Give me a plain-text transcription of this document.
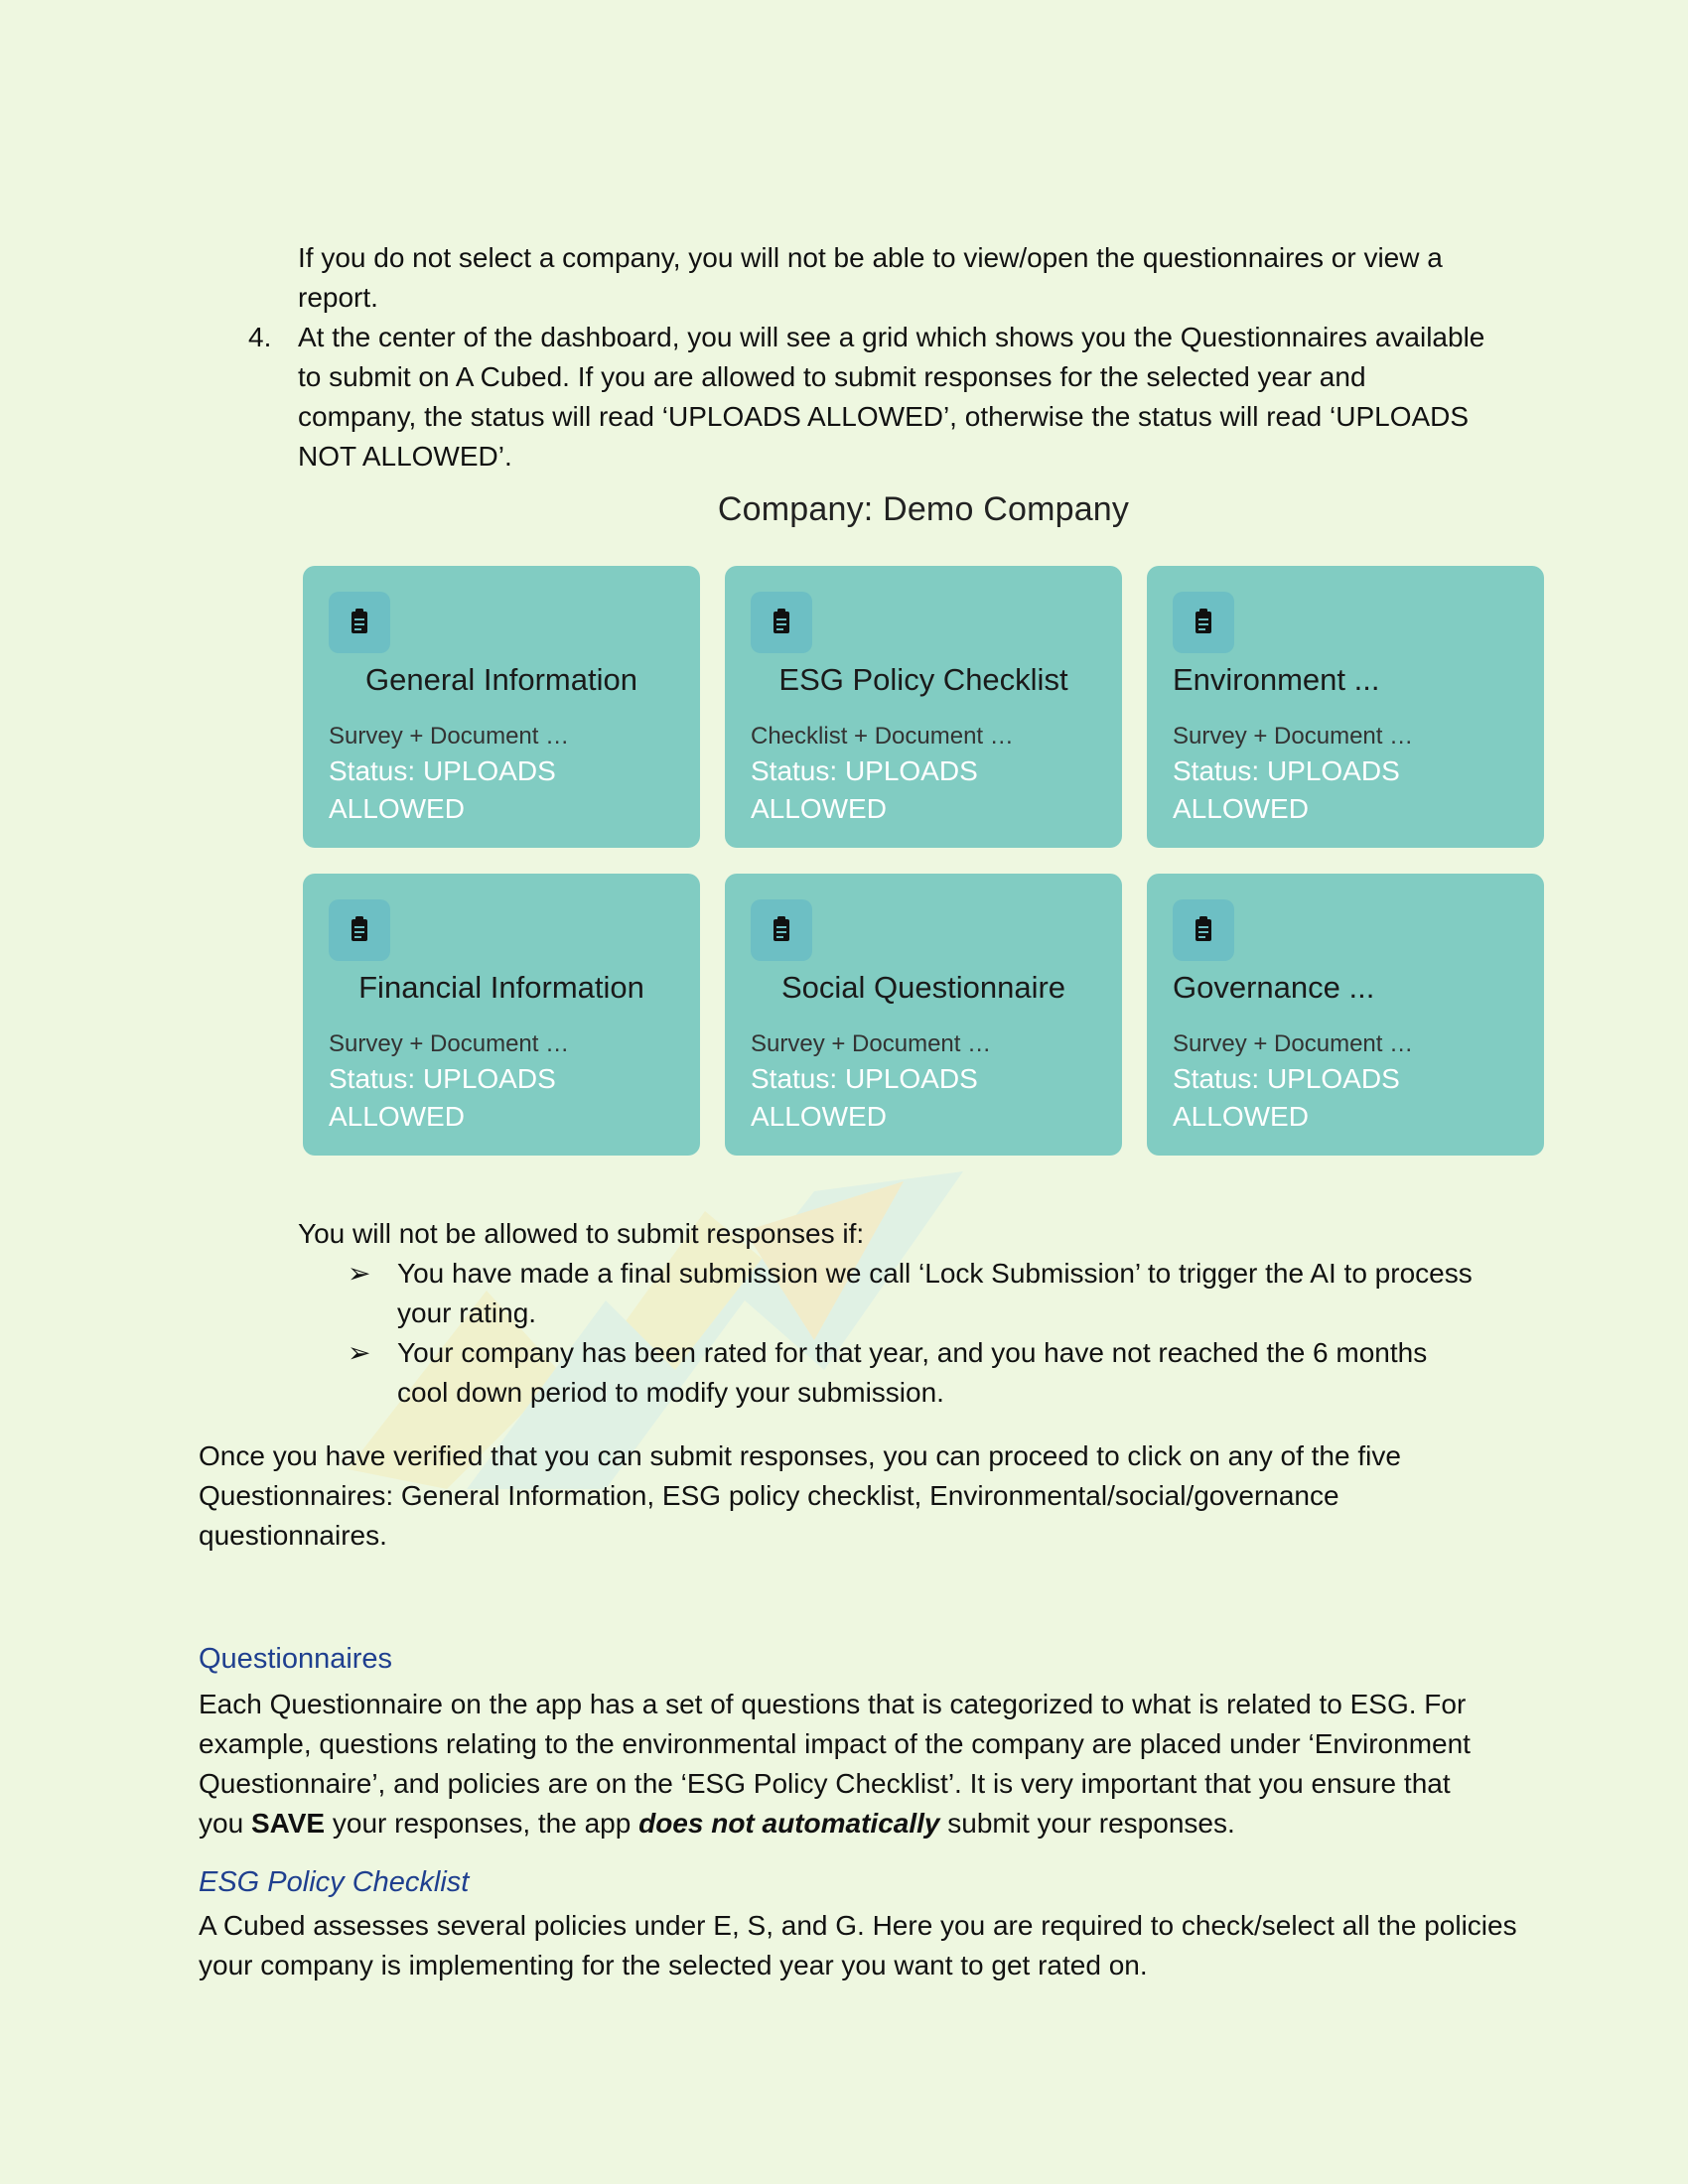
If you do not select a company, you will not be able to view/open the questionnaires or view a

report.

4. At the center of the dashboard, you will see a grid which shows you the Questionnaires available

to submit on A Cubed. If you are allowed to submit responses for the selected year and

company, the status will read ‘UPLOADS ALLOWED’, otherwise the status will read ‘UPLOADS

NOT ALLOWED’.

Company: Demo Company
General Information
Survey + Document …
Status: UPLOADS
ALLOWED
ESG Policy Checklist
Checklist + Document …
Status: UPLOADS
ALLOWED
Environment ...
Survey + Document …
Status: UPLOADS
ALLOWED
Financial Information
Survey + Document …
Status: UPLOADS
ALLOWED
Social Questionnaire
Survey + Document …
Status: UPLOADS
ALLOWED
Governance ...
Survey + Document …
Status: UPLOADS
ALLOWED

You will not be allowed to submit responses if:

➢ You have made a final submission we call ‘Lock Submission’ to trigger the AI to process

your rating.

➢ Your company has been rated for that year, and you have not reached the 6 months

cool down period to modify your submission.

Once you have verified that you can submit responses, you can proceed to click on any of the five

Questionnaires: General Information, ESG policy checklist, Environmental/social/governance

questionnaires.

Questionnaires

Each Questionnaire on the app has a set of questions that is categorized to what is related to ESG. For

example, questions relating to the environmental impact of the company are placed under ‘Environment

Questionnaire’, and policies are on the ‘ESG Policy Checklist’. It is very important that you ensure that

you SAVE your responses, the app does not automatically submit your responses.

ESG Policy Checklist

A Cubed assesses several policies under E, S, and G. Here you are required to check/select all the policies

your company is implementing for the selected year you want to get rated on.
